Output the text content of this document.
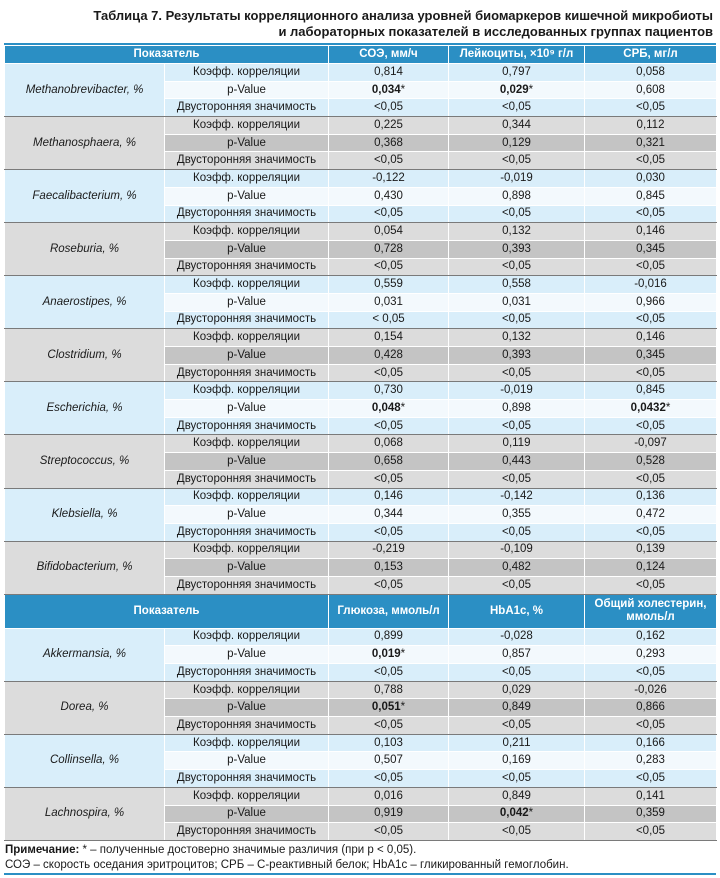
Таблица 7. Результаты корреляционного анализа уровней биомаркеров кишечной микробиоты
и лабораторных показателей в исследованных группах пациентов
Показатель		СОЭ, мм/ч	Лейкоциты, ×10⁹ г/л	СРБ, мг/л
Methanobrevibacter, %	Коэфф. корреляции	0,814	0,797	0,058
	p-Value	0,034*	0,029*	0,608
	Двусторонняя значимость	<0,05	<0,05	<0,05
Methanosphaera, %	Коэфф. корреляции	0,225	0,344	0,112
	p-Value	0,368	0,129	0,321
	Двусторонняя значимость	<0,05	<0,05	<0,05
Faecalibacterium, %	Коэфф. корреляции	-0,122	-0,019	0,030
	p-Value	0,430	0,898	0,845
	Двусторонняя значимость	<0,05	<0,05	<0,05
Roseburia, %	Коэфф. корреляции	0,054	0,132	0,146
	p-Value	0,728	0,393	0,345
	Двусторонняя значимость	<0,05	<0,05	<0,05
Anaerostipes, %	Коэфф. корреляции	0,559	0,558	-0,016
	p-Value	0,031	0,031	0,966
	Двусторонняя значимость	< 0,05	<0,05	<0,05
Clostridium, %	Коэфф. корреляции	0,154	0,132	0,146
	p-Value	0,428	0,393	0,345
	Двусторонняя значимость	<0,05	<0,05	<0,05
Escherichia, %	Коэфф. корреляции	0,730	-0,019	0,845
	p-Value	0,048*	0,898	0,0432*
	Двусторонняя значимость	<0,05	<0,05	<0,05
Streptococcus, %	Коэфф. корреляции	0,068	0,119	-0,097
	p-Value	0,658	0,443	0,528
	Двусторонняя значимость	<0,05	<0,05	<0,05
Klebsiella, %	Коэфф. корреляции	0,146	-0,142	0,136
	p-Value	0,344	0,355	0,472
	Двусторонняя значимость	<0,05	<0,05	<0,05
Bifidobacterium, %	Коэфф. корреляции	-0,219	-0,109	0,139
	p-Value	0,153	0,482	0,124
	Двусторонняя значимость	<0,05	<0,05	<0,05
Показатель		Глюкоза, ммоль/л	HbA1c, %	Общий холестерин, ммоль/л
Akkermansia, %	Коэфф. корреляции	0,899	-0,028	0,162
	p-Value	0,019*	0,857	0,293
	Двусторонняя значимость	<0,05	<0,05	<0,05
Dorea, %	Коэфф. корреляции	0,788	0,029	-0,026
	p-Value	0,051*	0,849	0,866
	Двусторонняя значимость	<0,05	<0,05	<0,05
Collinsella, %	Коэфф. корреляции	0,103	0,211	0,166
	p-Value	0,507	0,169	0,283
	Двусторонняя значимость	<0,05	<0,05	<0,05
Lachnospira, %	Коэфф. корреляции	0,016	0,849	0,141
	p-Value	0,919	0,042*	0,359
	Двусторонняя значимость	<0,05	<0,05	<0,05
Примечание: * – полученные достоверно значимые различия (при p < 0,05).
СОЭ – скорость оседания эритроцитов; СРБ – С-реактивный белок; HbA1c – гликированный гемоглобин.
